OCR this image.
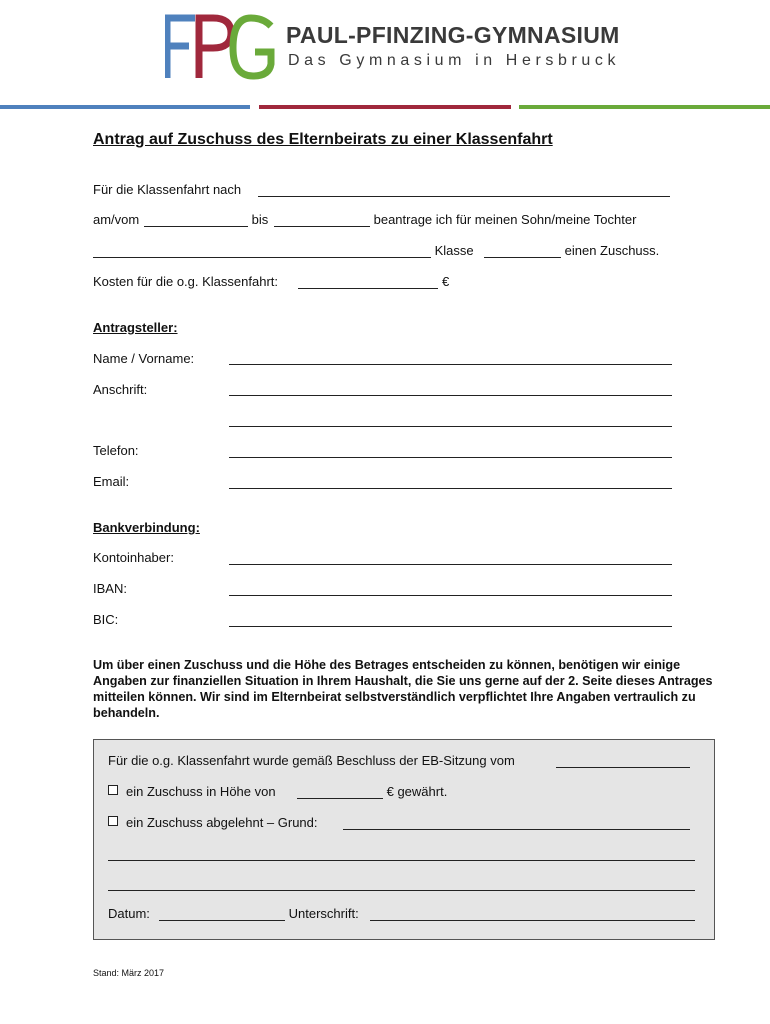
PAUL-PFINZING-GYMNASIUM
Das Gymnasium in Hersbruck
Antrag auf Zuschuss des Elternbeirats zu einer Klassenfahrt
Für die Klassenfahrt nach
am/vom	bis	beantrage ich für meinen Sohn/meine Tochter
Klasse	einen Zuschuss.
Kosten für die o.g. Klassenfahrt:	€
Antragsteller:
Name / Vorname:
Anschrift:
Telefon:
Email:
Bankverbindung:
Kontoinhaber:
IBAN:
BIC:
Um über einen Zuschuss und die Höhe des Betrages entscheiden zu können, benötigen wir einige Angaben zur finanziellen Situation in Ihrem Haushalt, die Sie uns gerne auf der 2. Seite dieses Antrages mitteilen können. Wir sind im Elternbeirat selbstverständlich verpflichtet Ihre Angaben vertraulich zu behandeln.
Für die o.g. Klassenfahrt wurde gemäß Beschluss der EB-Sitzung vom
ein Zuschuss in Höhe von	€ gewährt.
ein Zuschuss abgelehnt – Grund:
Datum:	Unterschrift:
Stand: März 2017
